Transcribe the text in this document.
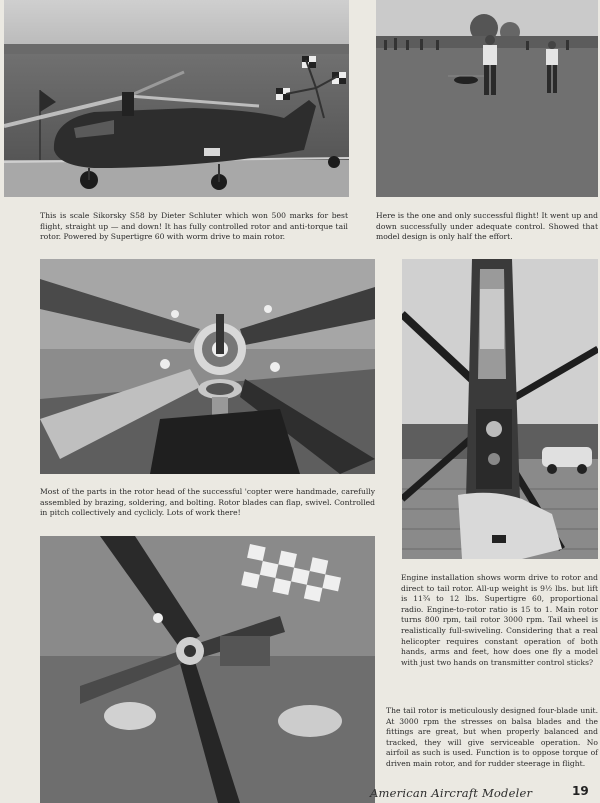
This is scale Sikorsky S58 by Dieter Schluter which won 500 marks for best flight, straight up — and down! It has fully controlled rotor and anti-torque tail rotor. Powered by Supertigre 60 with worm drive to main rotor.

Here is the one and only successful flight! It went up and down successfully under adequate control. Showed that model design is only half the effort.

Most of the parts in the rotor head of the successful 'copter were handmade, carefully assembled by brazing, soldering, and bolting. Rotor blades can flap, swivel. Controlled in pitch collectively and cyclicly. Lots of work there!

Engine installation shows worm drive to rotor and direct to tail rotor. All-up weight is 9½ lbs. but lift is 11¾ to 12 lbs. Supertigre 60, proportional radio. Engine-to-rotor ratio is 15 to 1. Main rotor turns 800 rpm, tail rotor 3000 rpm. Tail wheel is realistically full-swiveling. Considering that a real helicopter requires constant operation of both hands, arms and feet, how does one fly a model with just two hands on transmitter control sticks?

The tail rotor is meticulously designed four-blade unit. At 3000 rpm the stresses on balsa blades and the fittings are great, but when properly balanced and tracked, they will give serviceable operation. No airfoil as such is used. Function is to oppose torque of driven main rotor, and for rudder steerage in flight.

American Aircraft Modeler	19
